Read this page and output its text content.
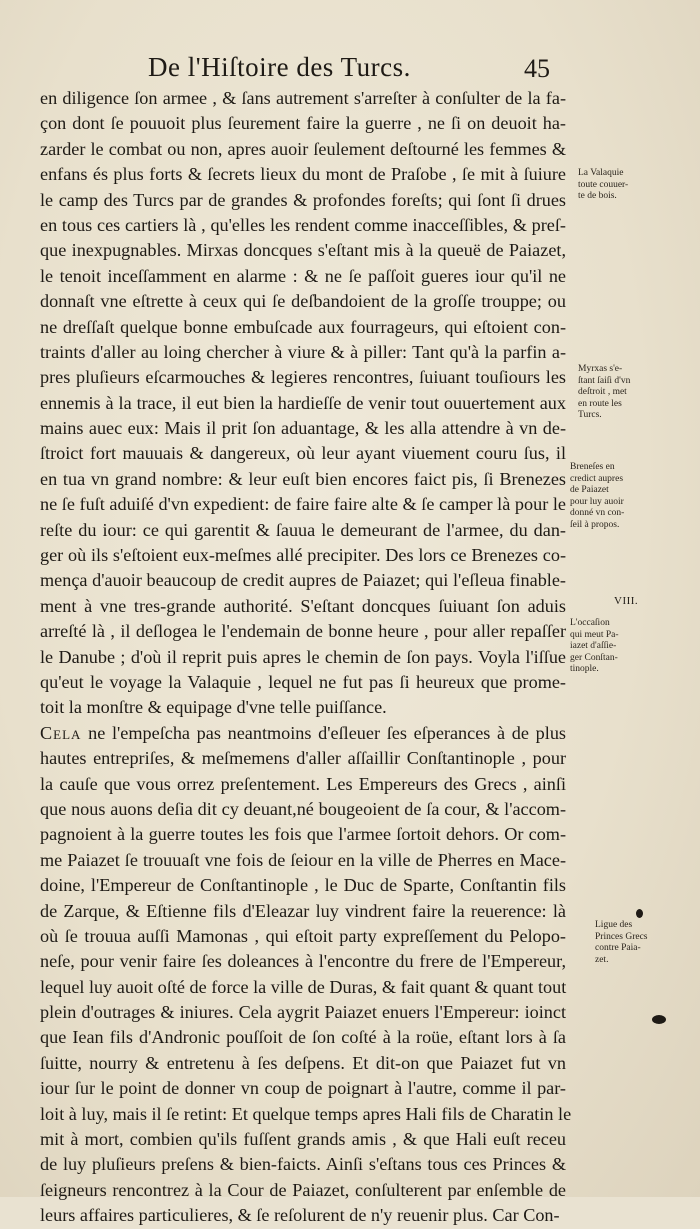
De l'Hiſtoire des Turcs.	45
en diligence ſon armee , & ſans autrement s'arreſter à conſulter de la fa-
çon dont ſe pouuoit plus ſeurement faire la guerre , ne ſi on deuoit ha-
zarder le combat ou non, apres auoir ſeulement deſtourné les femmes &
enfans és plus forts & ſecrets lieux du mont de Praſobe , ſe mit à ſuiure
le camp des Turcs par de grandes & profondes foreſts; qui ſont ſi drues
en tous ces cartiers là , qu'elles les rendent comme inacceſſibles, & preſ-
que inexpugnables. Mirxas doncques s'eſtant mis à la queuë de Paiazet,
le tenoit inceſſamment en alarme : & ne ſe paſſoit gueres iour qu'il ne
donnaſt vne eſtrette à ceux qui ſe deſbandoient de la groſſe trouppe; ou
ne dreſſaſt quelque bonne embuſcade aux fourrageurs, qui eſtoient con-
traints d'aller au loing chercher à viure & à piller: Tant qu'à la parfin a-
pres pluſieurs eſcarmouches & legieres rencontres, ſuiuant touſiours les
ennemis à la trace, il eut bien la hardieſſe de venir tout ouuertement aux
mains auec eux: Mais il prit ſon aduantage, & les alla attendre à vn de-
ſtroict fort mauuais & dangereux, où leur ayant viuement couru ſus, il
en tua vn grand nombre: & leur euſt bien encores faict pis, ſi Brenezes
ne ſe fuſt aduiſé d'vn expedient: de faire faire alte & ſe camper là pour le
reſte du iour: ce qui garentit & ſauua le demeurant de l'armee, du dan-
ger où ils s'eſtoient eux-meſmes allé precipiter. Des lors ce Brenezes co-
mença d'auoir beaucoup de credit aupres de Paiazet; qui l'eſleua finable-
ment à vne tres-grande authorité. S'eſtant doncques ſuiuant ſon aduis
arreſté là , il deſlogea le l'endemain de bonne heure , pour aller repaſſer
le Danube ; d'où il reprit puis apres le chemin de ſon pays. Voyla l'iſſue
qu'eut le voyage la Valaquie , lequel ne fut pas ſi heureux que prome-
toit la monſtre & equipage d'vne telle puiſſance.
Cela ne l'empeſcha pas neantmoins d'eſleuer ſes eſperances à de plus
hautes entrepriſes, & meſmemens d'aller aſſaillir Conſtantinople , pour
la cauſe que vous orrez preſentement. Les Empereurs des Grecs , ainſi
que nous auons deſia dit cy deuant,né bougeoient de ſa cour, & l'accom-
pagnoient à la guerre toutes les fois que l'armee ſortoit dehors. Or com-
me Paiazet ſe trouuaſt vne fois de ſeiour en la ville de Pherres en Mace-
doine, l'Empereur de Conſtantinople , le Duc de Sparte, Conſtantin fils
de Zarque, & Eſtienne fils d'Eleazar luy vindrent faire la reuerence: là
où ſe trouua auſſi Mamonas , qui eſtoit party expreſſement du Pelopo-
neſe, pour venir faire ſes doleances à l'encontre du frere de l'Empereur,
lequel luy auoit oſté de force la ville de Duras, & fait quant & quant tout
plein d'outrages & iniures. Cela aygrit Paiazet enuers l'Empereur: ioinct
que Iean fils d'Andronic pouſſoit de ſon coſté à la roüe, eſtant lors à ſa
ſuitte, nourry & entretenu à ſes deſpens. Et dit-on que Paiazet fut vn
iour ſur le point de donner vn coup de poignart à l'autre, comme il par-
loit à luy, mais il ſe retint: Et quelque temps apres Hali fils de Charatin le
mit à mort, combien qu'ils fuſſent grands amis , & que Hali euſt receu
de luy pluſieurs preſens & bien-faicts. Ainſi s'eſtans tous ces Princes &
ſeigneurs rencontrez à la Cour de Paiazet, conſulterent par enſemble de
leurs affaires particulieres, & ſe reſolurent de n'y reuenir plus. Car Con-
VIII.
La Valaquie
toute couuer-
te de bois.
Myrxas s'e-
ſtant ſaiſi d'vn
deſtroit , met
en route les
Turcs.
Breneſes en
credict aupres
de Paiazet
pour luy auoir
donné vn con-
ſeil à propos.
L'occaſion
qui meut Pa-
iazet d'aſſie-
ger Conſtan-
tinople.
Ligue des
Princes Grecs
contre Paia-
zet.
